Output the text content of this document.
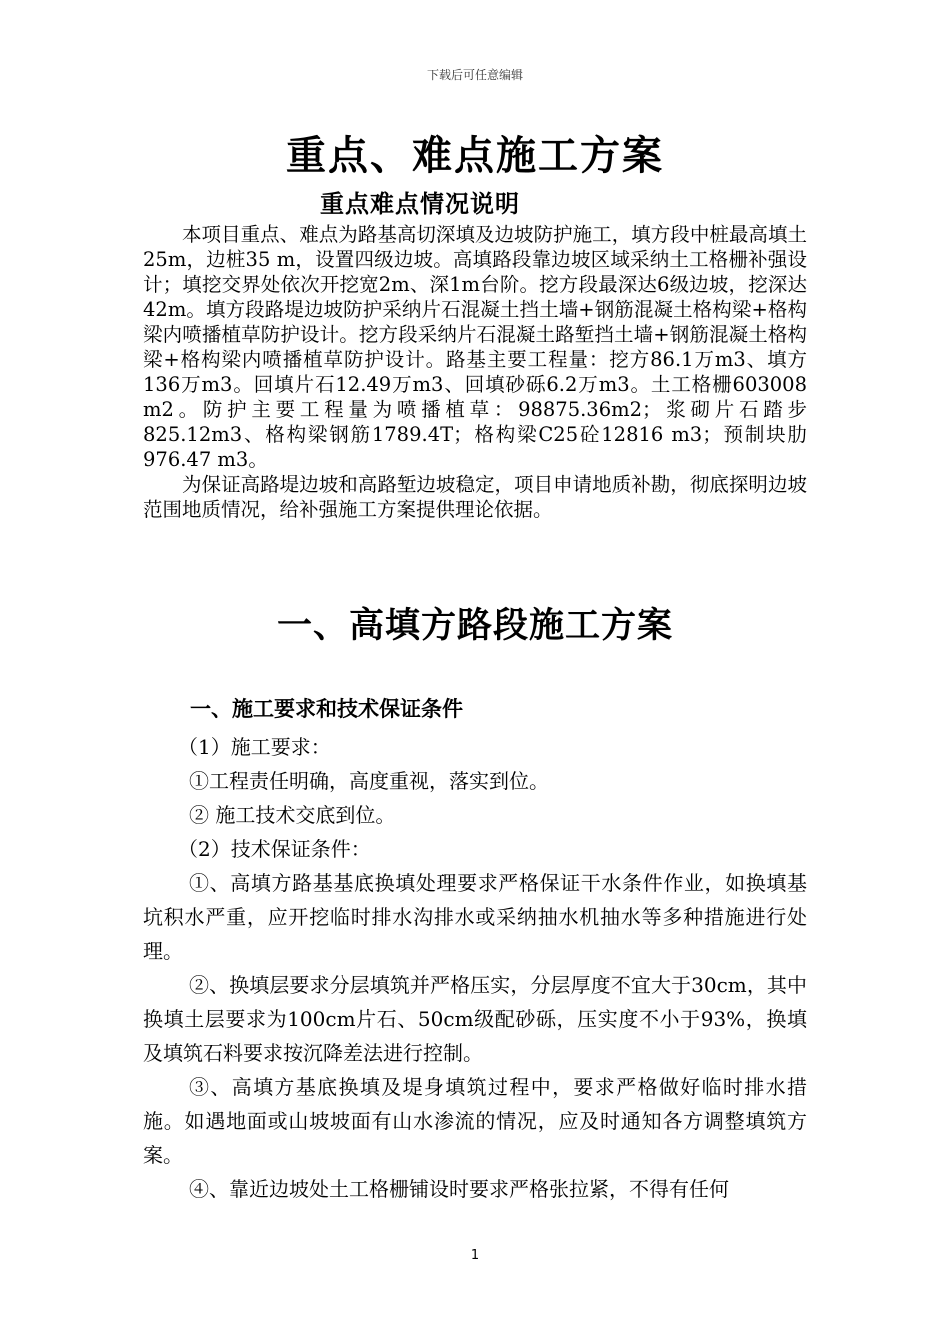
下载后可任意编辑
重点、难点施工方案
重点难点情况说明

本项目重点、难点为路基高切深填及边坡防护施工，填方段中桩最高填土25m，边桩35 m，设置四级边坡。高填路段靠边坡区域采纳土工格栅补强设计；填挖交界处依次开挖宽2m、深1m台阶。挖方段最深达6级边坡，挖深达42m。填方段路堤边坡防护采纳片石混凝土挡土墙+钢筋混凝土格构梁+格构梁内喷播植草防护设计。挖方段采纳片石混凝土路堑挡土墙+钢筋混凝土格构梁+格构梁内喷播植草防护设计。路基主要工程量：挖方86.1万m3、填方136万m3。回填片石12.49万m3、回填砂砾6.2万m3。土工格栅603008 m2。防护主要工程量为喷播植草：98875.36m2；浆砌片石踏步825.12m3、格构梁钢筋1789.4T；格构梁C25砼12816 m3；预制块肋976.47 m3。

为保证高路堤边坡和高路堑边坡稳定，项目申请地质补勘，彻底探明边坡范围地质情况，给补强施工方案提供理论依据。

一、高填方路段施工方案
一、施工要求和技术保证条件

（1）施工要求：

①工程责任明确，高度重视，落实到位。

② 施工技术交底到位。

（2）技术保证条件：

①、高填方路基基底换填处理要求严格保证干水条件作业，如换填基坑积水严重，应开挖临时排水沟排水或采纳抽水机抽水等多种措施进行处理。

②、换填层要求分层填筑并严格压实，分层厚度不宜大于30cm，其中换填土层要求为100cm片石、50cm级配砂砾，压实度不小于93%，换填及填筑石料要求按沉降差法进行控制。

③、高填方基底换填及堤身填筑过程中，要求严格做好临时排水措施。如遇地面或山坡坡面有山水渗流的情况，应及时通知各方调整填筑方案。

④、靠近边坡处土工格栅铺设时要求严格张拉紧，不得有任何

1
